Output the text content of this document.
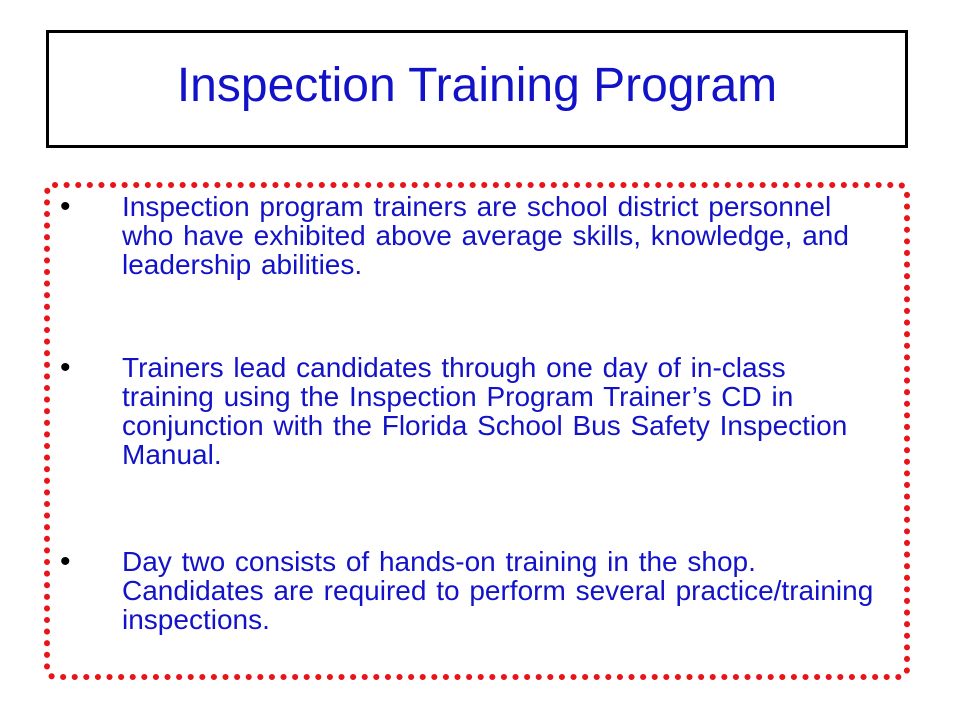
Inspection Training Program
• Inspection program trainers are school district personnel who have exhibited above average skills, knowledge, and leadership abilities.
• Trainers lead candidates through one day of in-class training using the Inspection Program Trainer’s CD in conjunction with the Florida School Bus Safety Inspection Manual.
• Day two consists of hands-on training in the shop. Candidates are required to perform several practice/training inspections.
